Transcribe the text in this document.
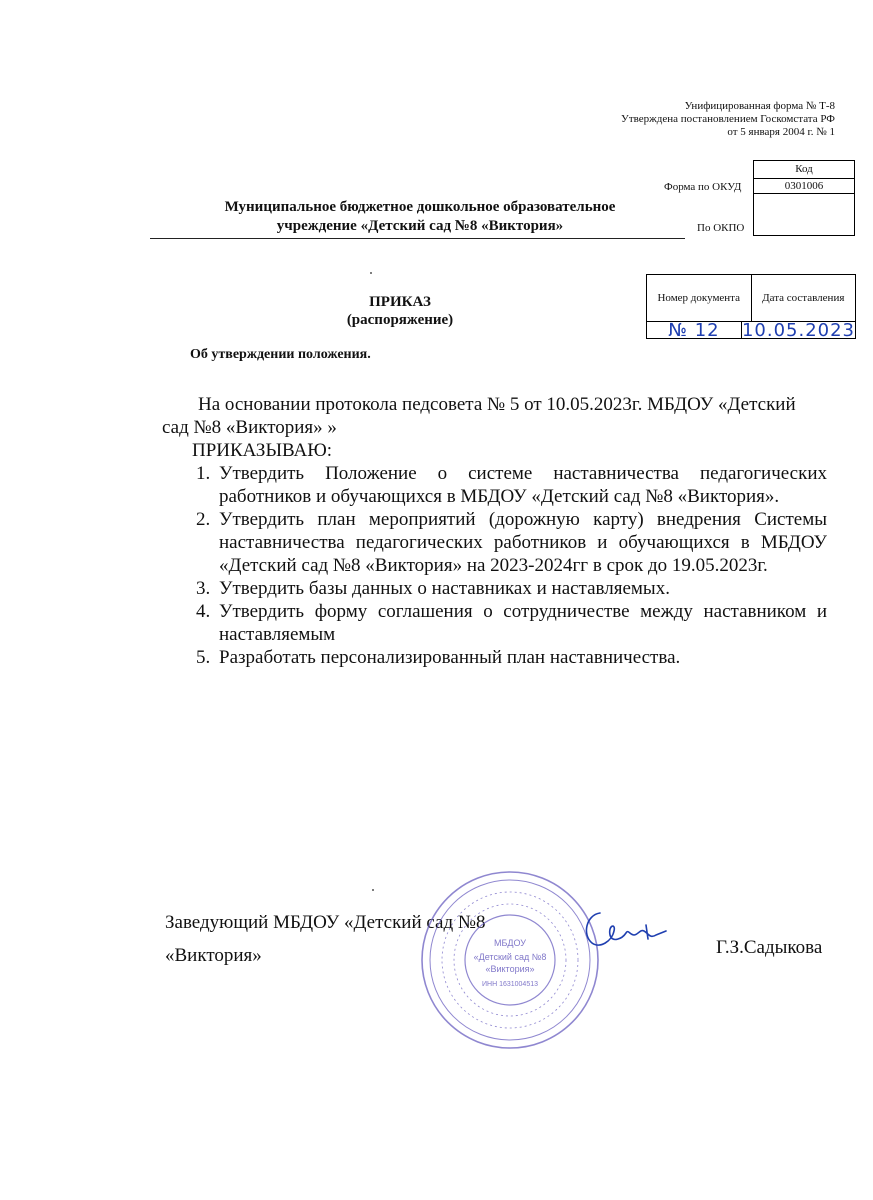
Унифицированная форма № Т-8
Утверждена постановлением Госкомстата РФ
от 5 января 2004 г. № 1
Форма по ОКУД
По ОКПО
Код
0301006
Муниципальное бюджетное дошкольное образовательное
учреждение «Детский сад №8 «Виктория»
ПРИКАЗ
(распоряжение)
Номер документа	Дата составления
№ 12	10.05.2023
Об утверждении положения.

На основании протокола педсовета № 5 от 10.05.2023г. МБДОУ «Детский сад №8 «Виктория» »

ПРИКАЗЫВАЮ:

1. Утвердить Положение о системе наставничества педагогических работников и обучающихся в МБДОУ «Детский сад №8 «Виктория».
2. Утвердить план мероприятий (дорожную карту) внедрения Системы наставничества педагогических работников и обучающихся в МБДОУ «Детский сад №8 «Виктория» на 2023-2024гг в срок до 19.05.2023г.
3. Утвердить базы данных о наставниках и наставляемых.
4. Утвердить форму соглашения о сотрудничестве между наставником и наставляемым
5. Разработать персонализированный план наставничества.
Заведующий МБДОУ «Детский сад №8
«Виктория»
МБДОУ
«Детский сад №8
«Виктория»
ИНН 1631004513
Г.З.Садыкова
